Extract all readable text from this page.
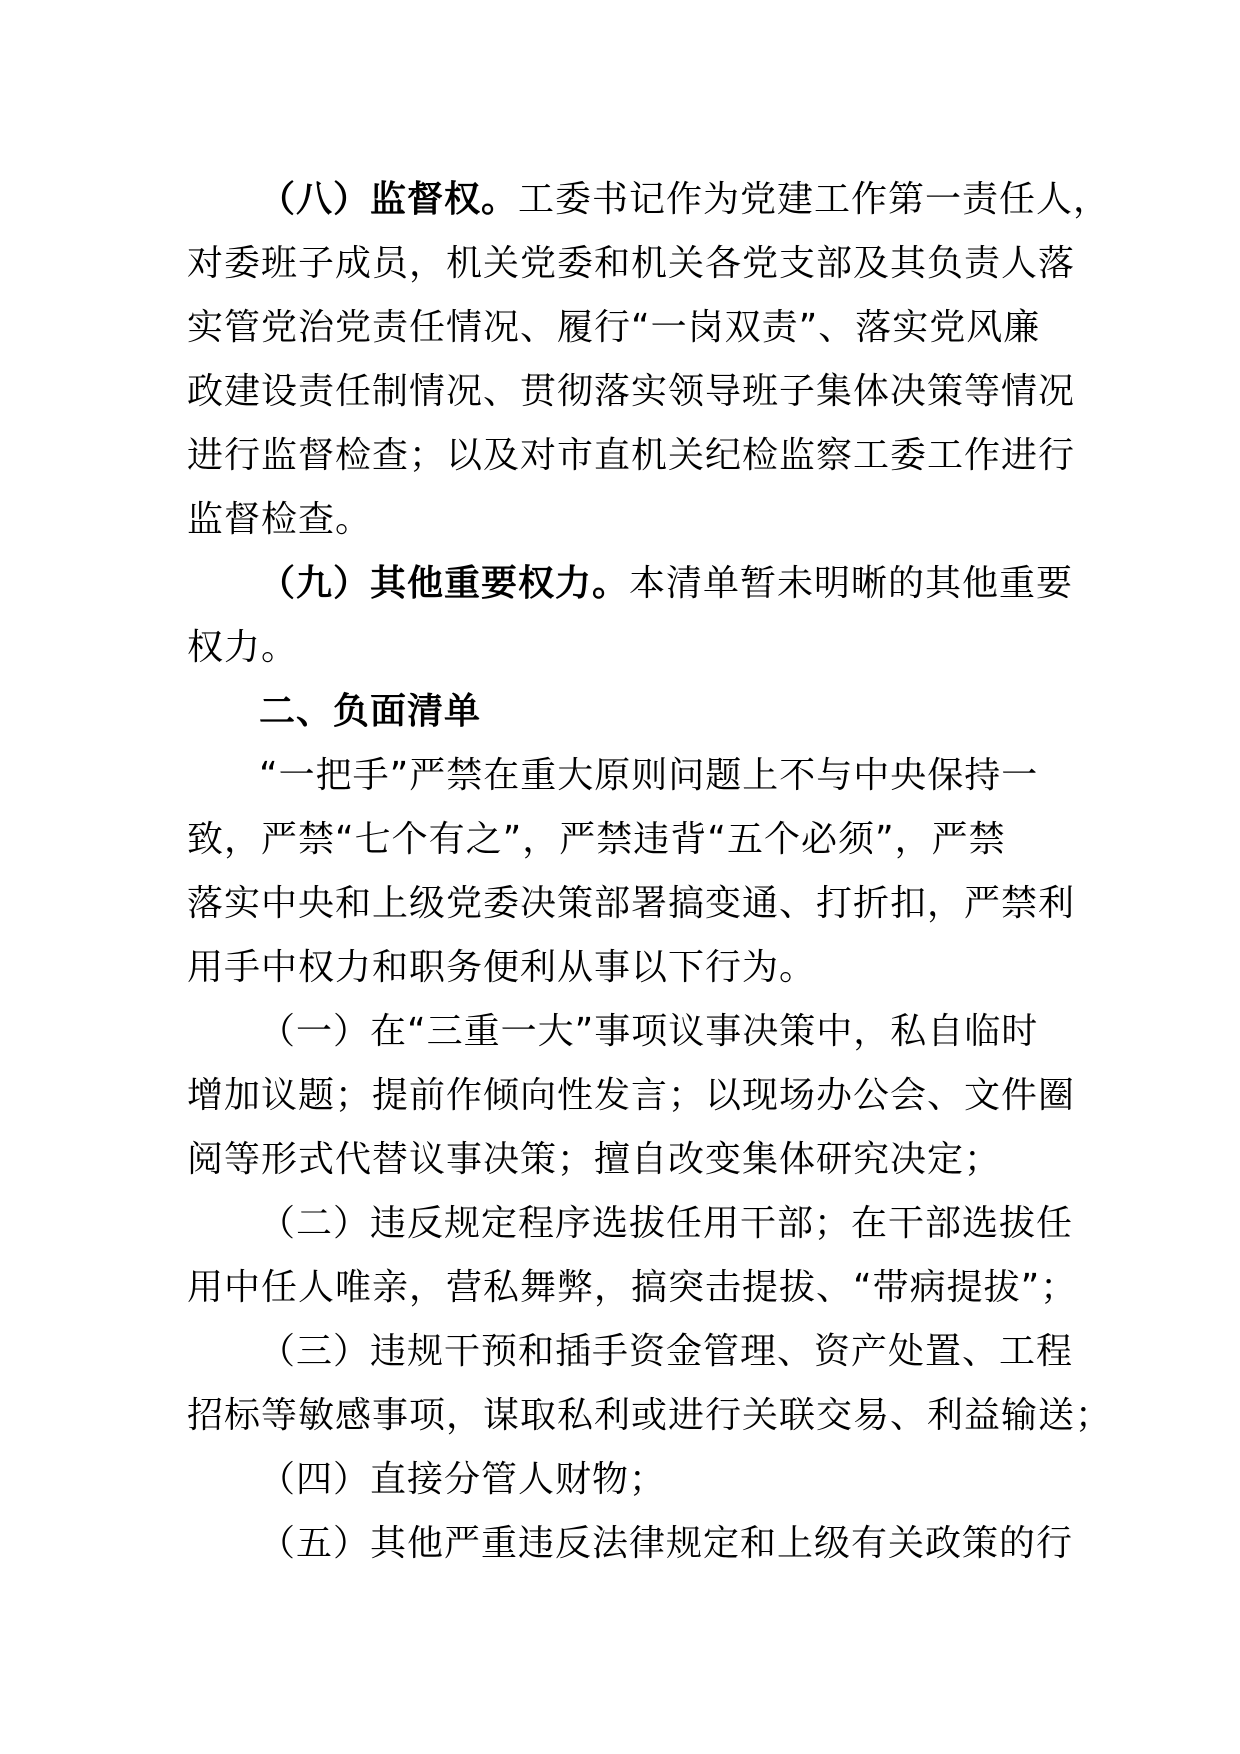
（八）监督权。工委书记作为党建工作第一责任人，
对委班子成员，机关党委和机关各党支部及其负责人落
实管党治党责任情况、履行“一岗双责”、落实党风廉
政建设责任制情况、贯彻落实领导班子集体决策等情况
进行监督检查；以及对市直机关纪检监察工委工作进行
监督检查。
（九）其他重要权力。本清单暂未明晰的其他重要
权力。
二、负面清单
“一把手”严禁在重大原则问题上不与中央保持一
致，严禁“七个有之”，严禁违背“五个必须”，严禁
落实中央和上级党委决策部署搞变通、打折扣，严禁利
用手中权力和职务便利从事以下行为。
（一）在“三重一大”事项议事决策中，私自临时
增加议题；提前作倾向性发言；以现场办公会、文件圈
阅等形式代替议事决策；擅自改变集体研究决定；
（二）违反规定程序选拔任用干部；在干部选拔任
用中任人唯亲，营私舞弊，搞突击提拔、“带病提拔”；
（三）违规干预和插手资金管理、资产处置、工程
招标等敏感事项，谋取私利或进行关联交易、利益输送；
（四）直接分管人财物；
（五）其他严重违反法律规定和上级有关政策的行
